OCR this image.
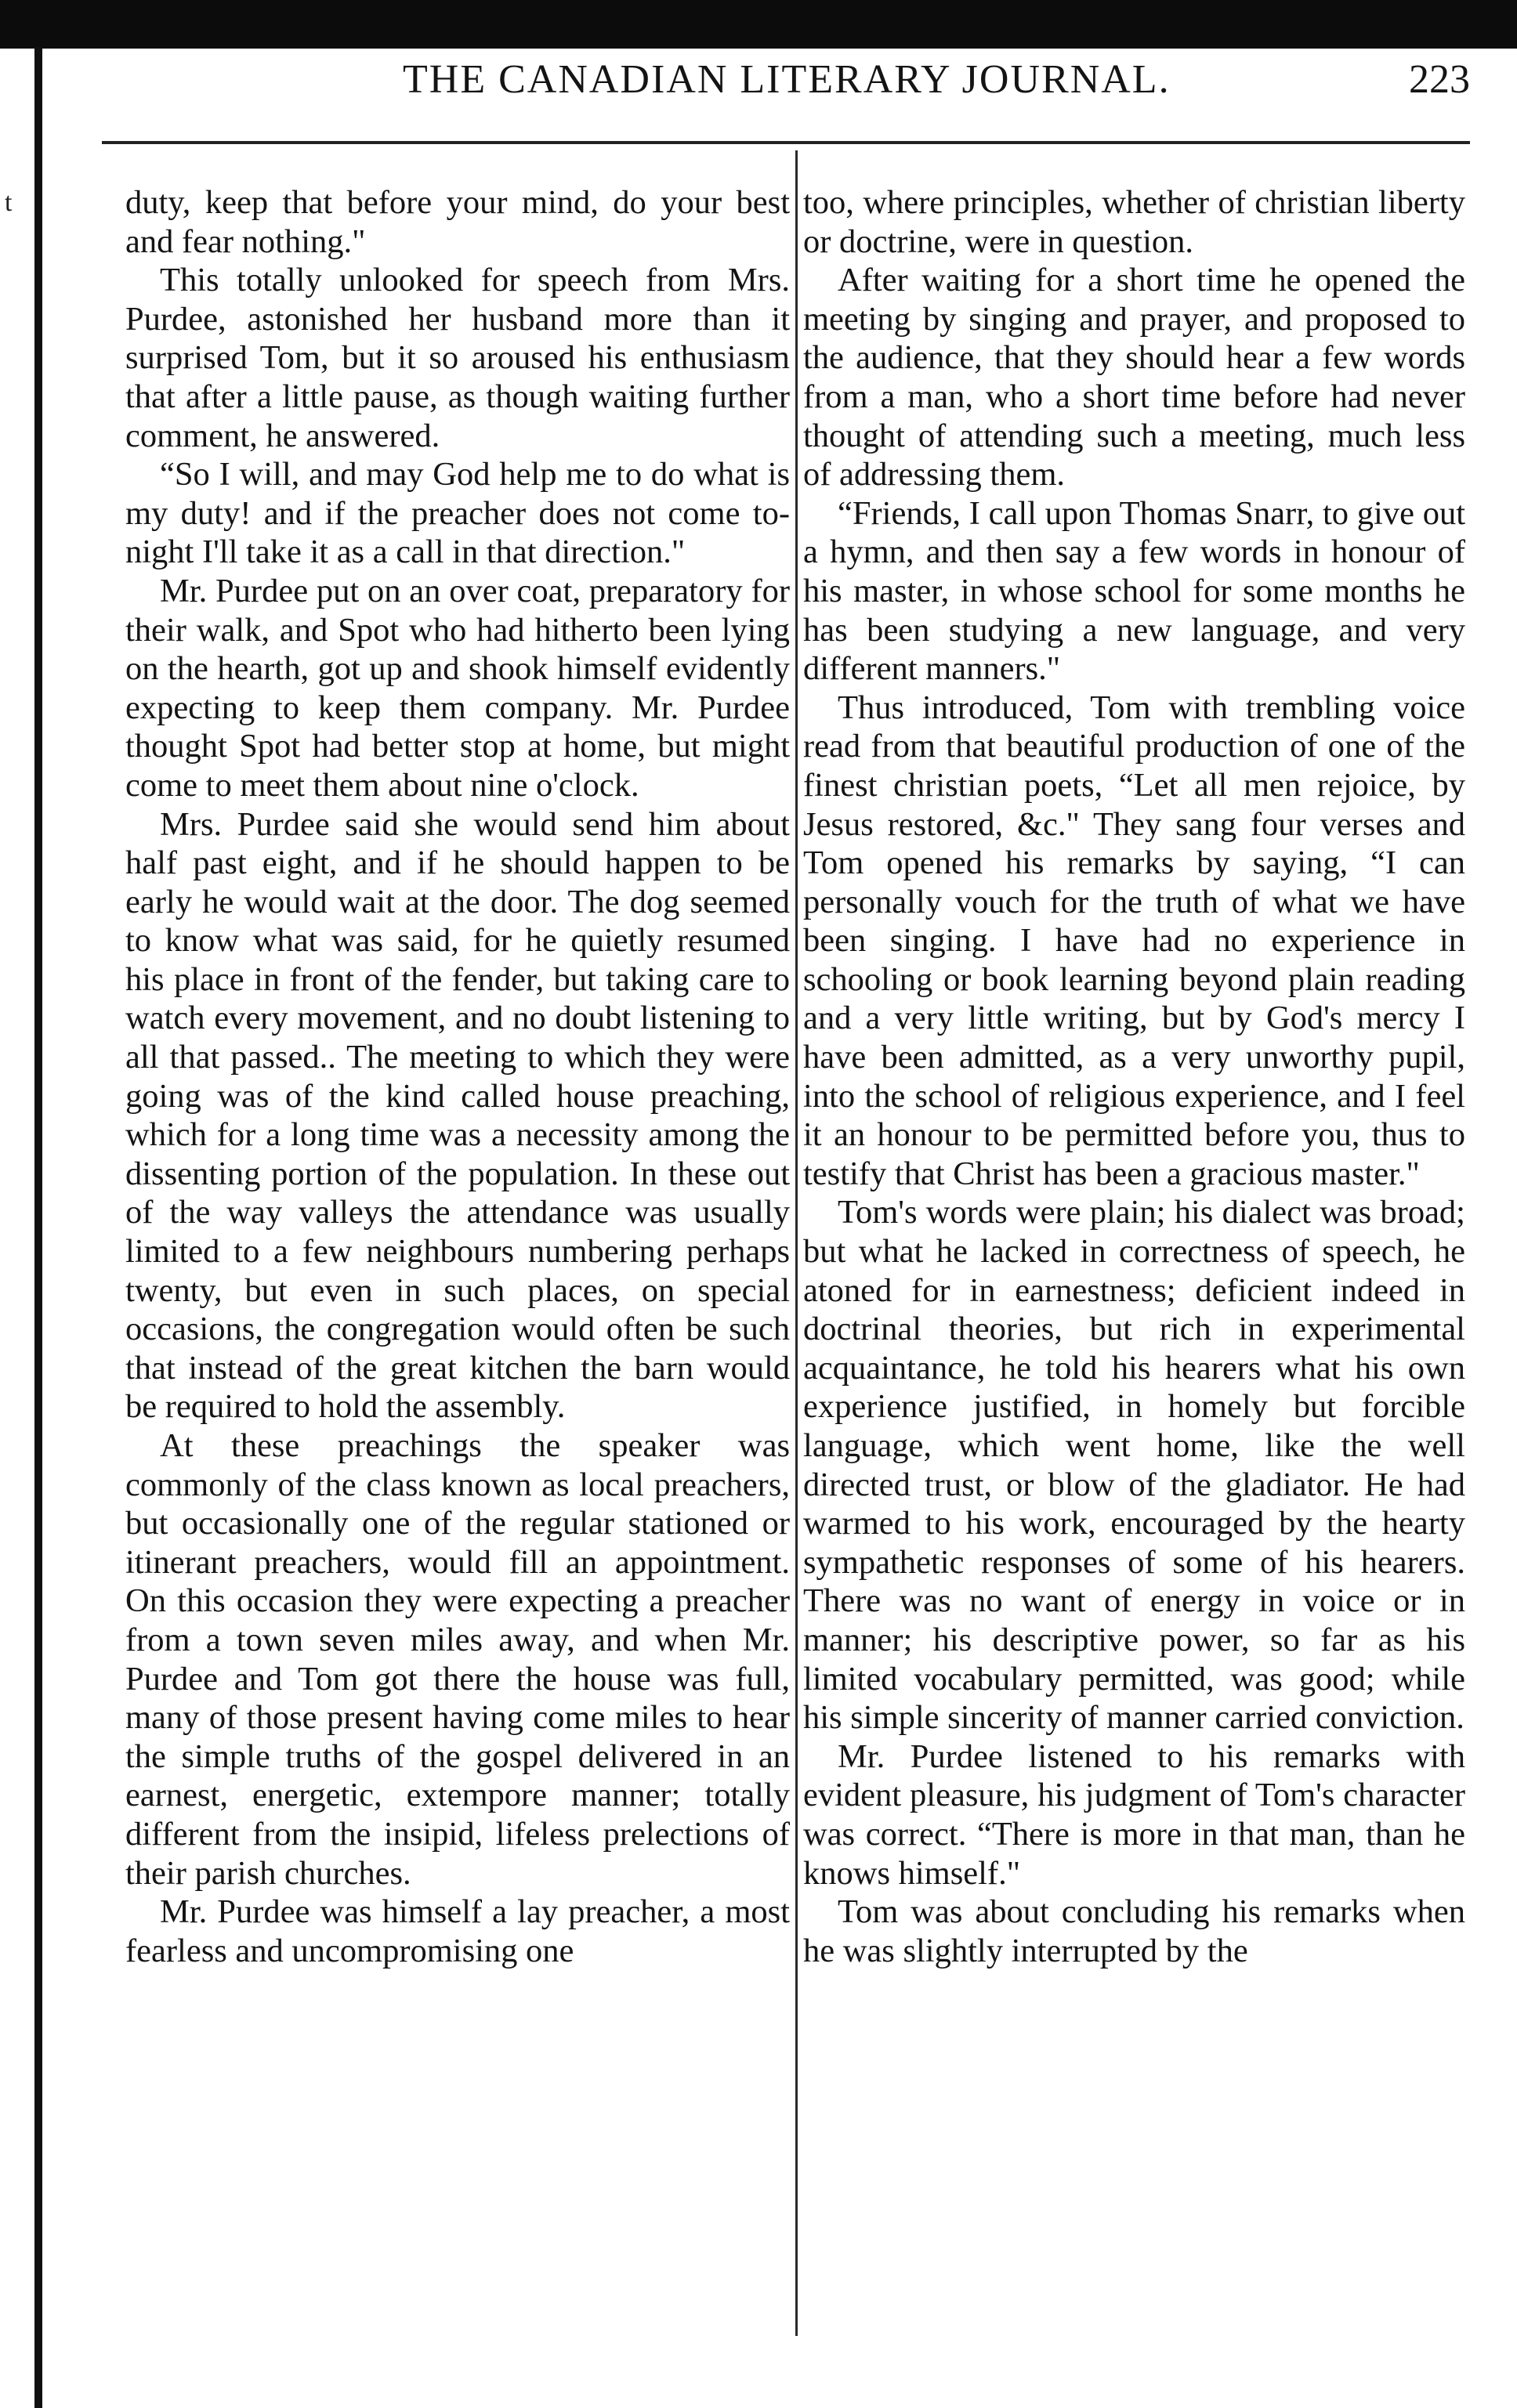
t
THE CANADIAN LITERARY JOURNAL.	223

duty, keep that before your mind, do your best and fear nothing."

This totally unlooked for speech from Mrs. Purdee, astonished her husband more than it surprised Tom, but it so aroused his enthusiasm that after a little pause, as though waiting further comment, he answered.

“So I will, and may God help me to do what is my duty! and if the preacher does not come to-night I'll take it as a call in that direction."

Mr. Purdee put on an over coat, preparatory for their walk, and Spot who had hitherto been lying on the hearth, got up and shook himself evidently expecting to keep them company. Mr. Purdee thought Spot had better stop at home, but might come to meet them about nine o'clock.

Mrs. Purdee said she would send him about half past eight, and if he should happen to be early he would wait at the door. The dog seemed to know what was said, for he quietly resumed his place in front of the fender, but taking care to watch every movement, and no doubt listening to all that passed.. The meeting to which they were going was of the kind called house preaching, which for a long time was a necessity among the dissenting portion of the population. In these out of the way valleys the attendance was usually limited to a few neighbours numbering perhaps twenty, but even in such places, on special occasions, the congregation would often be such that instead of the great kitchen the barn would be required to hold the assembly.

At these preachings the speaker was commonly of the class known as local preachers, but occasionally one of the regular stationed or itinerant preachers, would fill an appointment. On this occasion they were expecting a preacher from a town seven miles away, and when Mr. Purdee and Tom got there the house was full, many of those present having come miles to hear the simple truths of the gospel delivered in an earnest, energetic, extempore manner; totally different from the insipid, lifeless prelections of their parish churches.

Mr. Purdee was himself a lay preacher, a most fearless and uncompromising one

too, where principles, whether of christian liberty or doctrine, were in question.

After waiting for a short time he opened the meeting by singing and prayer, and proposed to the audience, that they should hear a few words from a man, who a short time before had never thought of attending such a meeting, much less of addressing them.

“Friends, I call upon Thomas Snarr, to give out a hymn, and then say a few words in honour of his master, in whose school for some months he has been studying a new language, and very different manners."

Thus introduced, Tom with trembling voice read from that beautiful production of one of the finest christian poets, “Let all men rejoice, by Jesus restored, &c." They sang four verses and Tom opened his remarks by saying, “I can personally vouch for the truth of what we have been singing. I have had no experience in schooling or book learning beyond plain reading and a very little writing, but by God's mercy I have been admitted, as a very unworthy pupil, into the school of religious experience, and I feel it an honour to be permitted before you, thus to testify that Christ has been a gracious master."

Tom's words were plain; his dialect was broad; but what he lacked in correctness of speech, he atoned for in earnestness; deficient indeed in doctrinal theories, but rich in experimental acquaintance, he told his hearers what his own experience justified, in homely but forcible language, which went home, like the well directed trust, or blow of the gladiator. He had warmed to his work, encouraged by the hearty sympathetic responses of some of his hearers. There was no want of energy in voice or in manner; his descriptive power, so far as his limited vocabulary permitted, was good; while his simple sincerity of manner carried conviction.

Mr. Purdee listened to his remarks with evident pleasure, his judgment of Tom's character was correct. “There is more in that man, than he knows himself."

Tom was about concluding his remarks when he was slightly interrupted by the
